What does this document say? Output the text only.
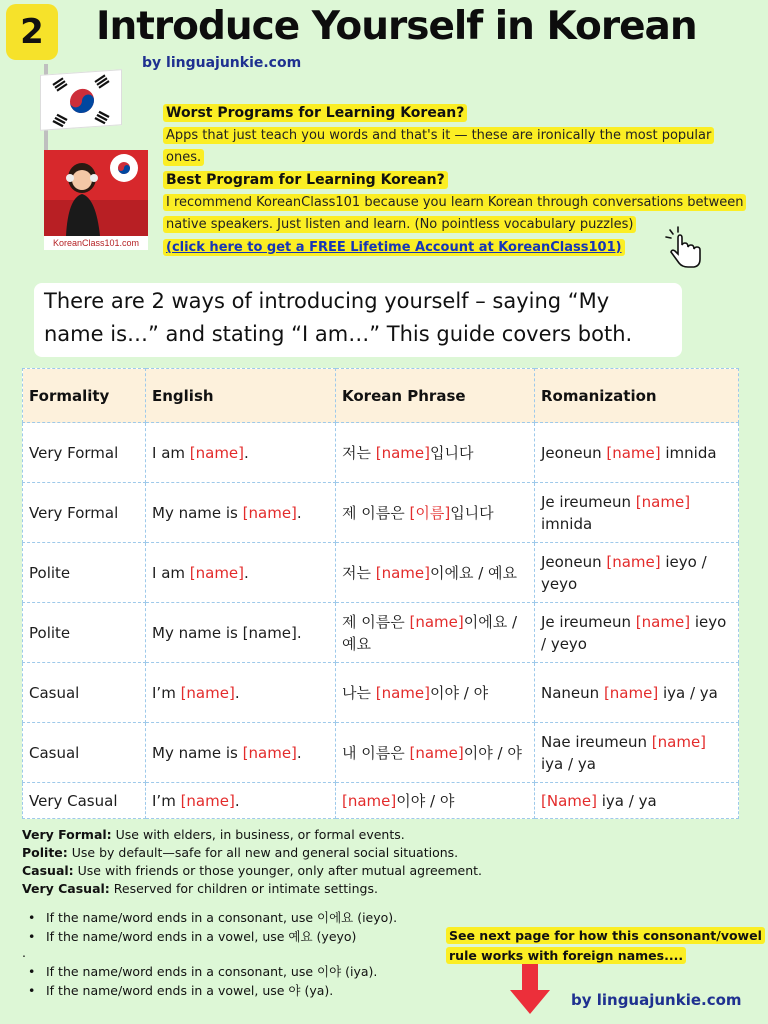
2	Introduce Yourself in Korean
by linguajunkie.com
KoreanClass101.com
Worst Programs for Learning Korean?
Apps that just teach you words and that's it — these are ironically the most popular ones.
Best Program for Learning Korean?
I recommend KoreanClass101 because you learn Korean through conversations between native speakers. Just listen and learn. (No pointless vocabulary puzzles)
(click here to get a FREE Lifetime Account at KoreanClass101)
There are 2 ways of introducing yourself – saying “My name is…” and stating “I am…” This guide covers both.
Formality	English	Korean Phrase	Romanization
Very Formal	I am [name].	저는 [name]입니다	Jeoneun [name] imnida
Very Formal	My name is [name].	제 이름은 [이름]입니다	Je ireumeun [name] imnida
Polite	I am [name].	저는 [name]이에요 / 예요	Jeoneun [name] ieyo / yeyo
Polite	My name is [name].	제 이름은 [name]이에요 / 예요	Je ireumeun [name] ieyo / yeyo
Casual	I’m [name].	나는 [name]이야 / 야	Naneun [name] iya / ya
Casual	My name is [name].	내 이름은 [name]이야 / 야	Nae ireumeun [name] iya / ya
Very Casual	I’m [name].	[name]이야 / 야	[Name] iya / ya
Very Formal: Use with elders, in business, or formal events.
Polite: Use by default—safe for all new and general social situations.
Casual: Use with friends or those younger, only after mutual agreement.
Very Casual: Reserved for children or intimate settings.
• If the name/word ends in a consonant, use 이에요 (ieyo).
• If the name/word ends in a vowel, use 예요 (yeyo)
.
• If the name/word ends in a consonant, use 이야 (iya).
• If the name/word ends in a vowel, use 야 (ya).
See next page for how this consonant/vowel rule works with foreign names....
by linguajunkie.com
